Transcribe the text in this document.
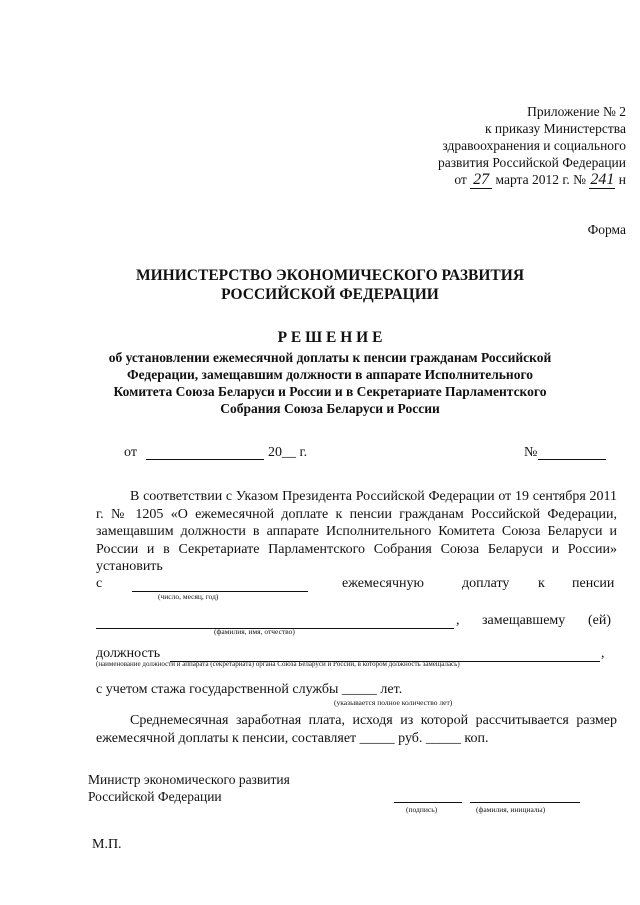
Приложение № 2
к приказу Министерства
здравоохранения и социального
развития Российской Федерации
от 27 марта 2012 г. № 241 н
Форма
МИНИСТЕРСТВО ЭКОНОМИЧЕСКОГО РАЗВИТИЯ
РОССИЙСКОЙ ФЕДЕРАЦИИ
Р Е Ш Е Н И Е
об установлении ежемесячной доплаты к пенсии гражданам Российской
Федерации, замещавшим должности в аппарате Исполнительного
Комитета Союза Беларуси и России и в Секретариате Парламентского
Собрания Союза Беларуси и России
от	20__ г.	№
В соответствии с Указом Президента Российской Федерации от 19 сентября 2011 г. № 1205 «О ежемесячной доплате к пенсии гражданам Российской Федерации, замещавшим должности в аппарате Исполнительного Комитета Союза Беларуси и России и в Секретариате Парламентского Собрания Союза Беларуси и России» установить
с	ежемесячную	доплату к пенсии
(число, месяц, год)
, замещавшему (ей)
(фамилия, имя, отчество)
должность	,
(наименование должности и аппарата (секретариата) органа Союза Беларуси и России, в котором должность замещалась)
с учетом стажа государственной службы _____ лет.
(указывается полное количество лет)
Среднемесячная заработная плата, исходя из которой рассчитывается размер ежемесячной доплаты к пенсии, составляет _____ руб. _____ коп.
Министр экономического развития
Российской Федерации
(подпись)	(фамилия, инициалы)
М.П.
